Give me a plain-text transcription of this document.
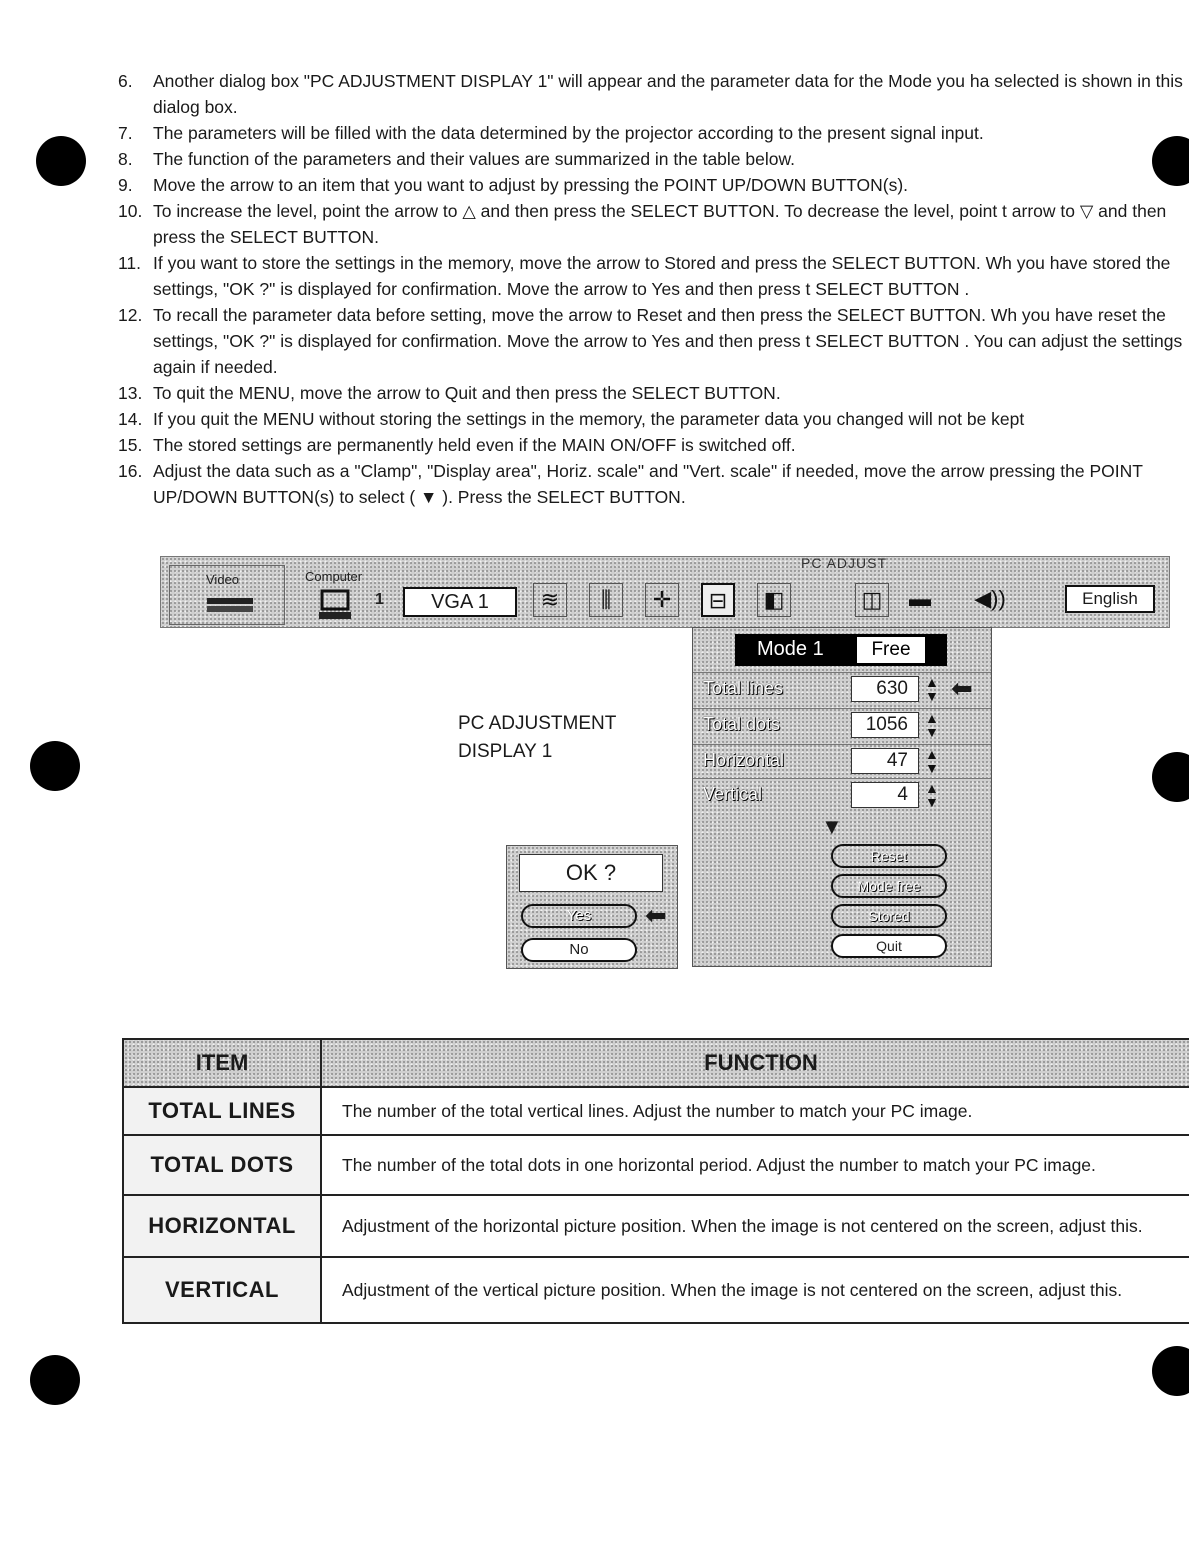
6. Another dialog box "PC ADJUSTMENT DISPLAY 1" will appear and the parameter data for the Mode you ha selected is shown in this dialog box.
7. The parameters will be filled with the data determined by the projector according to the present signal input.
8. The function of the parameters and their values are summarized in the table below.
9. Move the arrow to an item that you want to adjust by pressing the POINT UP/DOWN BUTTON(s).
10. To increase the level, point the arrow to △ and then press the SELECT BUTTON. To decrease the level, point t arrow to ▽ and then press the SELECT BUTTON.
11. If you want to store the settings in the memory, move the arrow to Stored and press the SELECT BUTTON. Wh you have stored the settings, "OK ?" is displayed for confirmation. Move the arrow to Yes and then press t SELECT BUTTON .
12. To recall the parameter data before setting, move the arrow to Reset and then press the SELECT BUTTON. Wh you have reset the settings, "OK ?" is displayed for confirmation. Move the arrow to Yes and then press t SELECT BUTTON . You can adjust the settings again if needed.
13. To quit the MENU, move the arrow to Quit and then press the SELECT BUTTON.
14. If you quit the MENU without storing the settings in the memory, the parameter data you changed will not be kept
15. The stored settings are permanently held even if the MAIN ON/OFF is switched off.
16. Adjust the data such as a "Clamp", "Display area", Horiz. scale" and "Vert. scale" if needed, move the arrow pressing the POINT UP/DOWN BUTTON(s) to select ( ▼ ). Press the SELECT BUTTON.
PC ADJUST
Video	Computer
1	VGA 1	≋	⫼	✛	⊟	◧	◫	▬ ◀))	English
Mode 1	Free
Total lines	630	▲
▼ ⬅
Total dots	1056	▲
▼
Horizontal	47	▲
▼
Vertical	4	▲
▼
▼
Reset
Mode free
Stored
Quit
PC ADJUSTMENT
DISPLAY 1
OK ?
Yes	⬅
No
ITEM	FUNCTION
TOTAL LINES	The number of the total vertical lines. Adjust the number to match your PC image.
TOTAL DOTS	The number of the total dots in one horizontal period. Adjust the number to match your PC image.
HORIZONTAL	Adjustment of the horizontal picture position. When the image is not centered on the screen, adjust this.
VERTICAL	Adjustment of the vertical picture position. When the image is not centered on the screen, adjust this.
